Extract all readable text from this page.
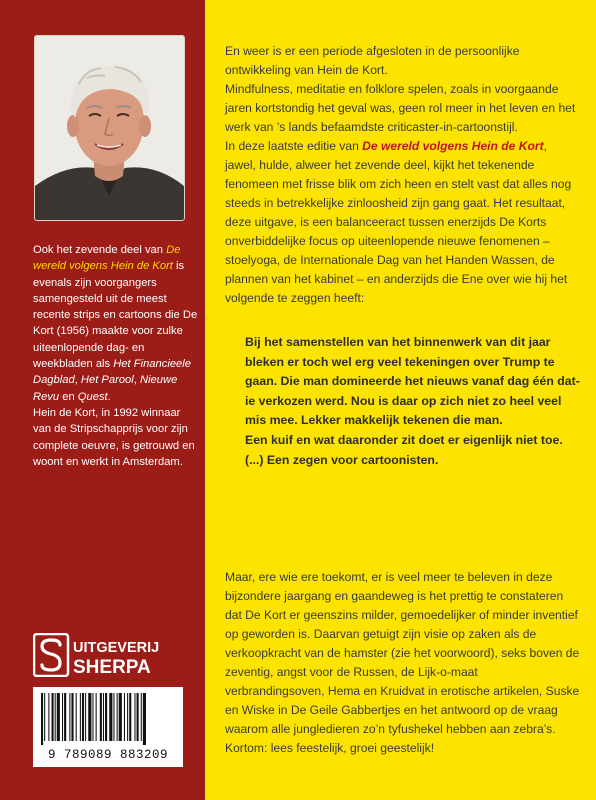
Ook het zevende deel van De wereld volgens Hein de Kort is evenals zijn voorgangers samengesteld uit de meest recente strips en cartoons die De Kort (1956) maakte voor zulke uiteenlopende dag- en weekbladen als Het Financieele Dagblad, Het Parool, Nieuwe Revu en Quest.

Hein de Kort, in 1992 winnaar van de Stripschapprijs voor zijn complete oeuvre, is getrouwd en woont en werkt in Amsterdam.

UITGEVERIJ
SHERPA
9 789089 883209

En weer is er een periode afgesloten in de persoonlijke ontwikkeling van Hein de Kort.

Mindfulness, meditatie en folklore spelen, zoals in voorgaande jaren kortstondig het geval was, geen rol meer in het leven en het werk van ’s lands befaamdste criticaster-in-cartoonstijl.

In deze laatste editie van De wereld volgens Hein de Kort, jawel, hulde, alweer het zevende deel, kijkt het tekenende fenomeen met frisse blik om zich heen en stelt vast dat alles nog steeds in betrekkelijke zinloosheid zijn gang gaat. Het resultaat, deze uitgave, is een balanceeract tussen enerzijds De Korts onverbiddelijke focus op uiteenlopende nieuwe fenomenen – stoelyoga, de Internationale Dag van het Handen Wassen, de plannen van het kabinet – en anderzijds die Ene over wie hij het volgende te zeggen heeft:

Bij het samenstellen van het binnenwerk van dit jaar bleken er toch wel erg veel tekeningen over Trump te gaan. Die man domineerde het nieuws vanaf dag één dat-ie verkozen werd. Nou is daar op zich niet zo heel veel mis mee. Lekker makkelijk tekenen die man.

Een kuif en wat daaronder zit doet er eigenlijk niet toe.

(...) Een zegen voor cartoonisten.

Maar, ere wie ere toekomt, er is veel meer te beleven in deze bijzondere jaargang en gaandeweg is het prettig te constateren dat De Kort er geenszins milder, gemoedelijker of minder inventief op geworden is. Daarvan getuigt zijn visie op zaken als de verkoopkracht van de hamster (zie het voorwoord), seks boven de zeventig, angst voor de Russen, de Lijk-o-maat verbrandingsoven, Hema en Kruidvat in erotische artikelen, Suske en Wiske in De Geile Gabbertjes en het antwoord op de vraag waarom alle jungledieren zo’n tyfushekel hebben aan zebra’s.

Kortom: lees feestelijk, groei geestelijk!
